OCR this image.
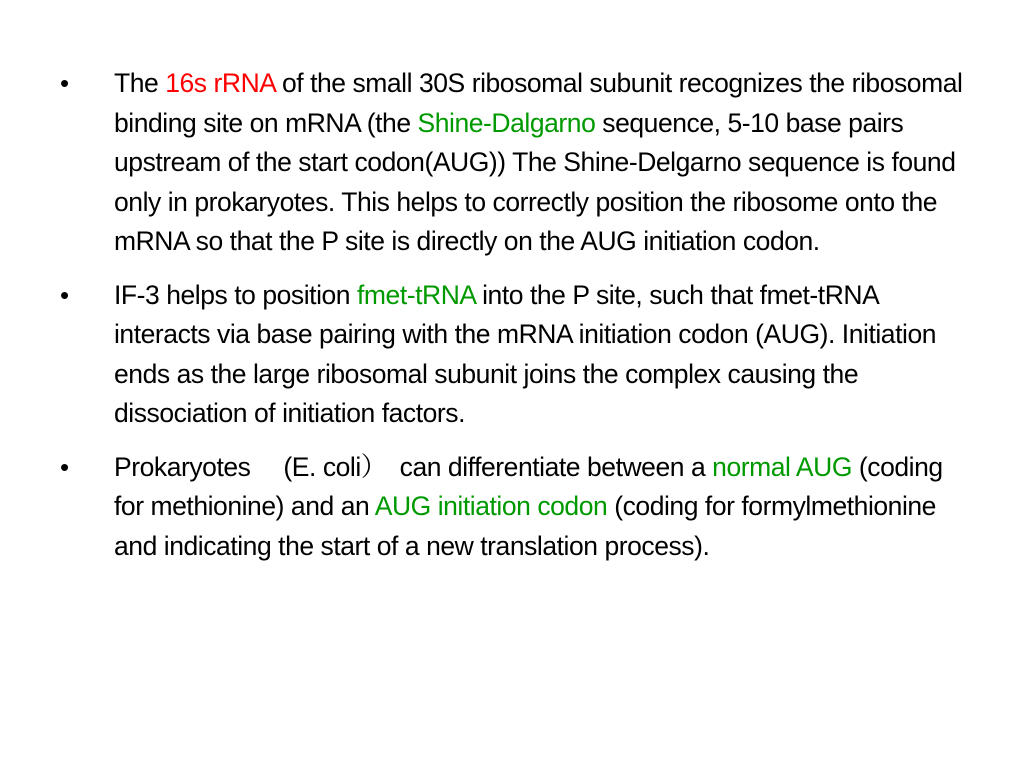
•	The 16s rRNA of the small 30S ribosomal subunit recognizes the ribosomal binding site on mRNA (the Shine-Dalgarno sequence, 5-10 base pairs upstream of the start codon(AUG)) The Shine-Delgarno sequence is found only in prokaryotes. This helps to correctly position the ribosome onto the mRNA so that the P site is directly on the AUG initiation codon.
•	IF-3 helps to position fmet-tRNA into the P site, such that fmet-tRNA interacts via base pairing with the mRNA initiation codon (AUG). Initiation ends as the large ribosomal subunit joins the complex causing the dissociation of initiation factors.
•	Prokaryotes 　(E. coli）　can differentiate between a normal AUG (coding for methionine) and an AUG initiation codon (coding for formylmethionine and indicating the start of a new translation process).
